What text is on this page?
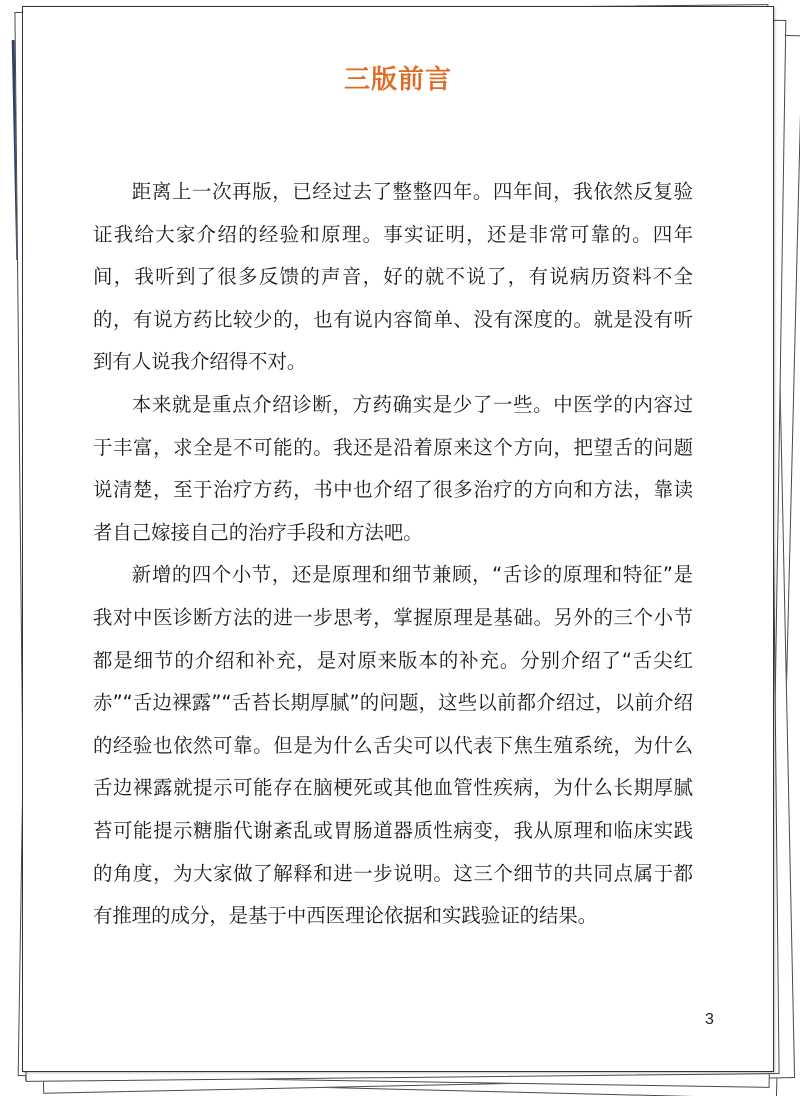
三版前言

距离上一次再版，已经过去了整整四年。四年间，我依然反复验证我给大家介绍的经验和原理。事实证明，还是非常可靠的。四年间，我听到了很多反馈的声音，好的就不说了，有说病历资料不全的，有说方药比较少的，也有说内容简单、没有深度的。就是没有听到有人说我介绍得不对。

本来就是重点介绍诊断，方药确实是少了一些。中医学的内容过于丰富，求全是不可能的。我还是沿着原来这个方向，把望舌的问题说清楚，至于治疗方药，书中也介绍了很多治疗的方向和方法，靠读者自己嫁接自己的治疗手段和方法吧。

新增的四个小节，还是原理和细节兼顾，“舌诊的原理和特征”是我对中医诊断方法的进一步思考，掌握原理是基础。另外的三个小节都是细节的介绍和补充，是对原来版本的补充。分别介绍了“舌尖红赤”“舌边裸露”“舌苔长期厚腻”的问题，这些以前都介绍过，以前介绍的经验也依然可靠。但是为什么舌尖可以代表下焦生殖系统，为什么舌边裸露就提示可能存在脑梗死或其他血管性疾病，为什么长期厚腻苔可能提示糖脂代谢紊乱或胃肠道器质性病变，我从原理和临床实践的角度，为大家做了解释和进一步说明。这三个细节的共同点属于都有推理的成分，是基于中西医理论依据和实践验证的结果。

3
